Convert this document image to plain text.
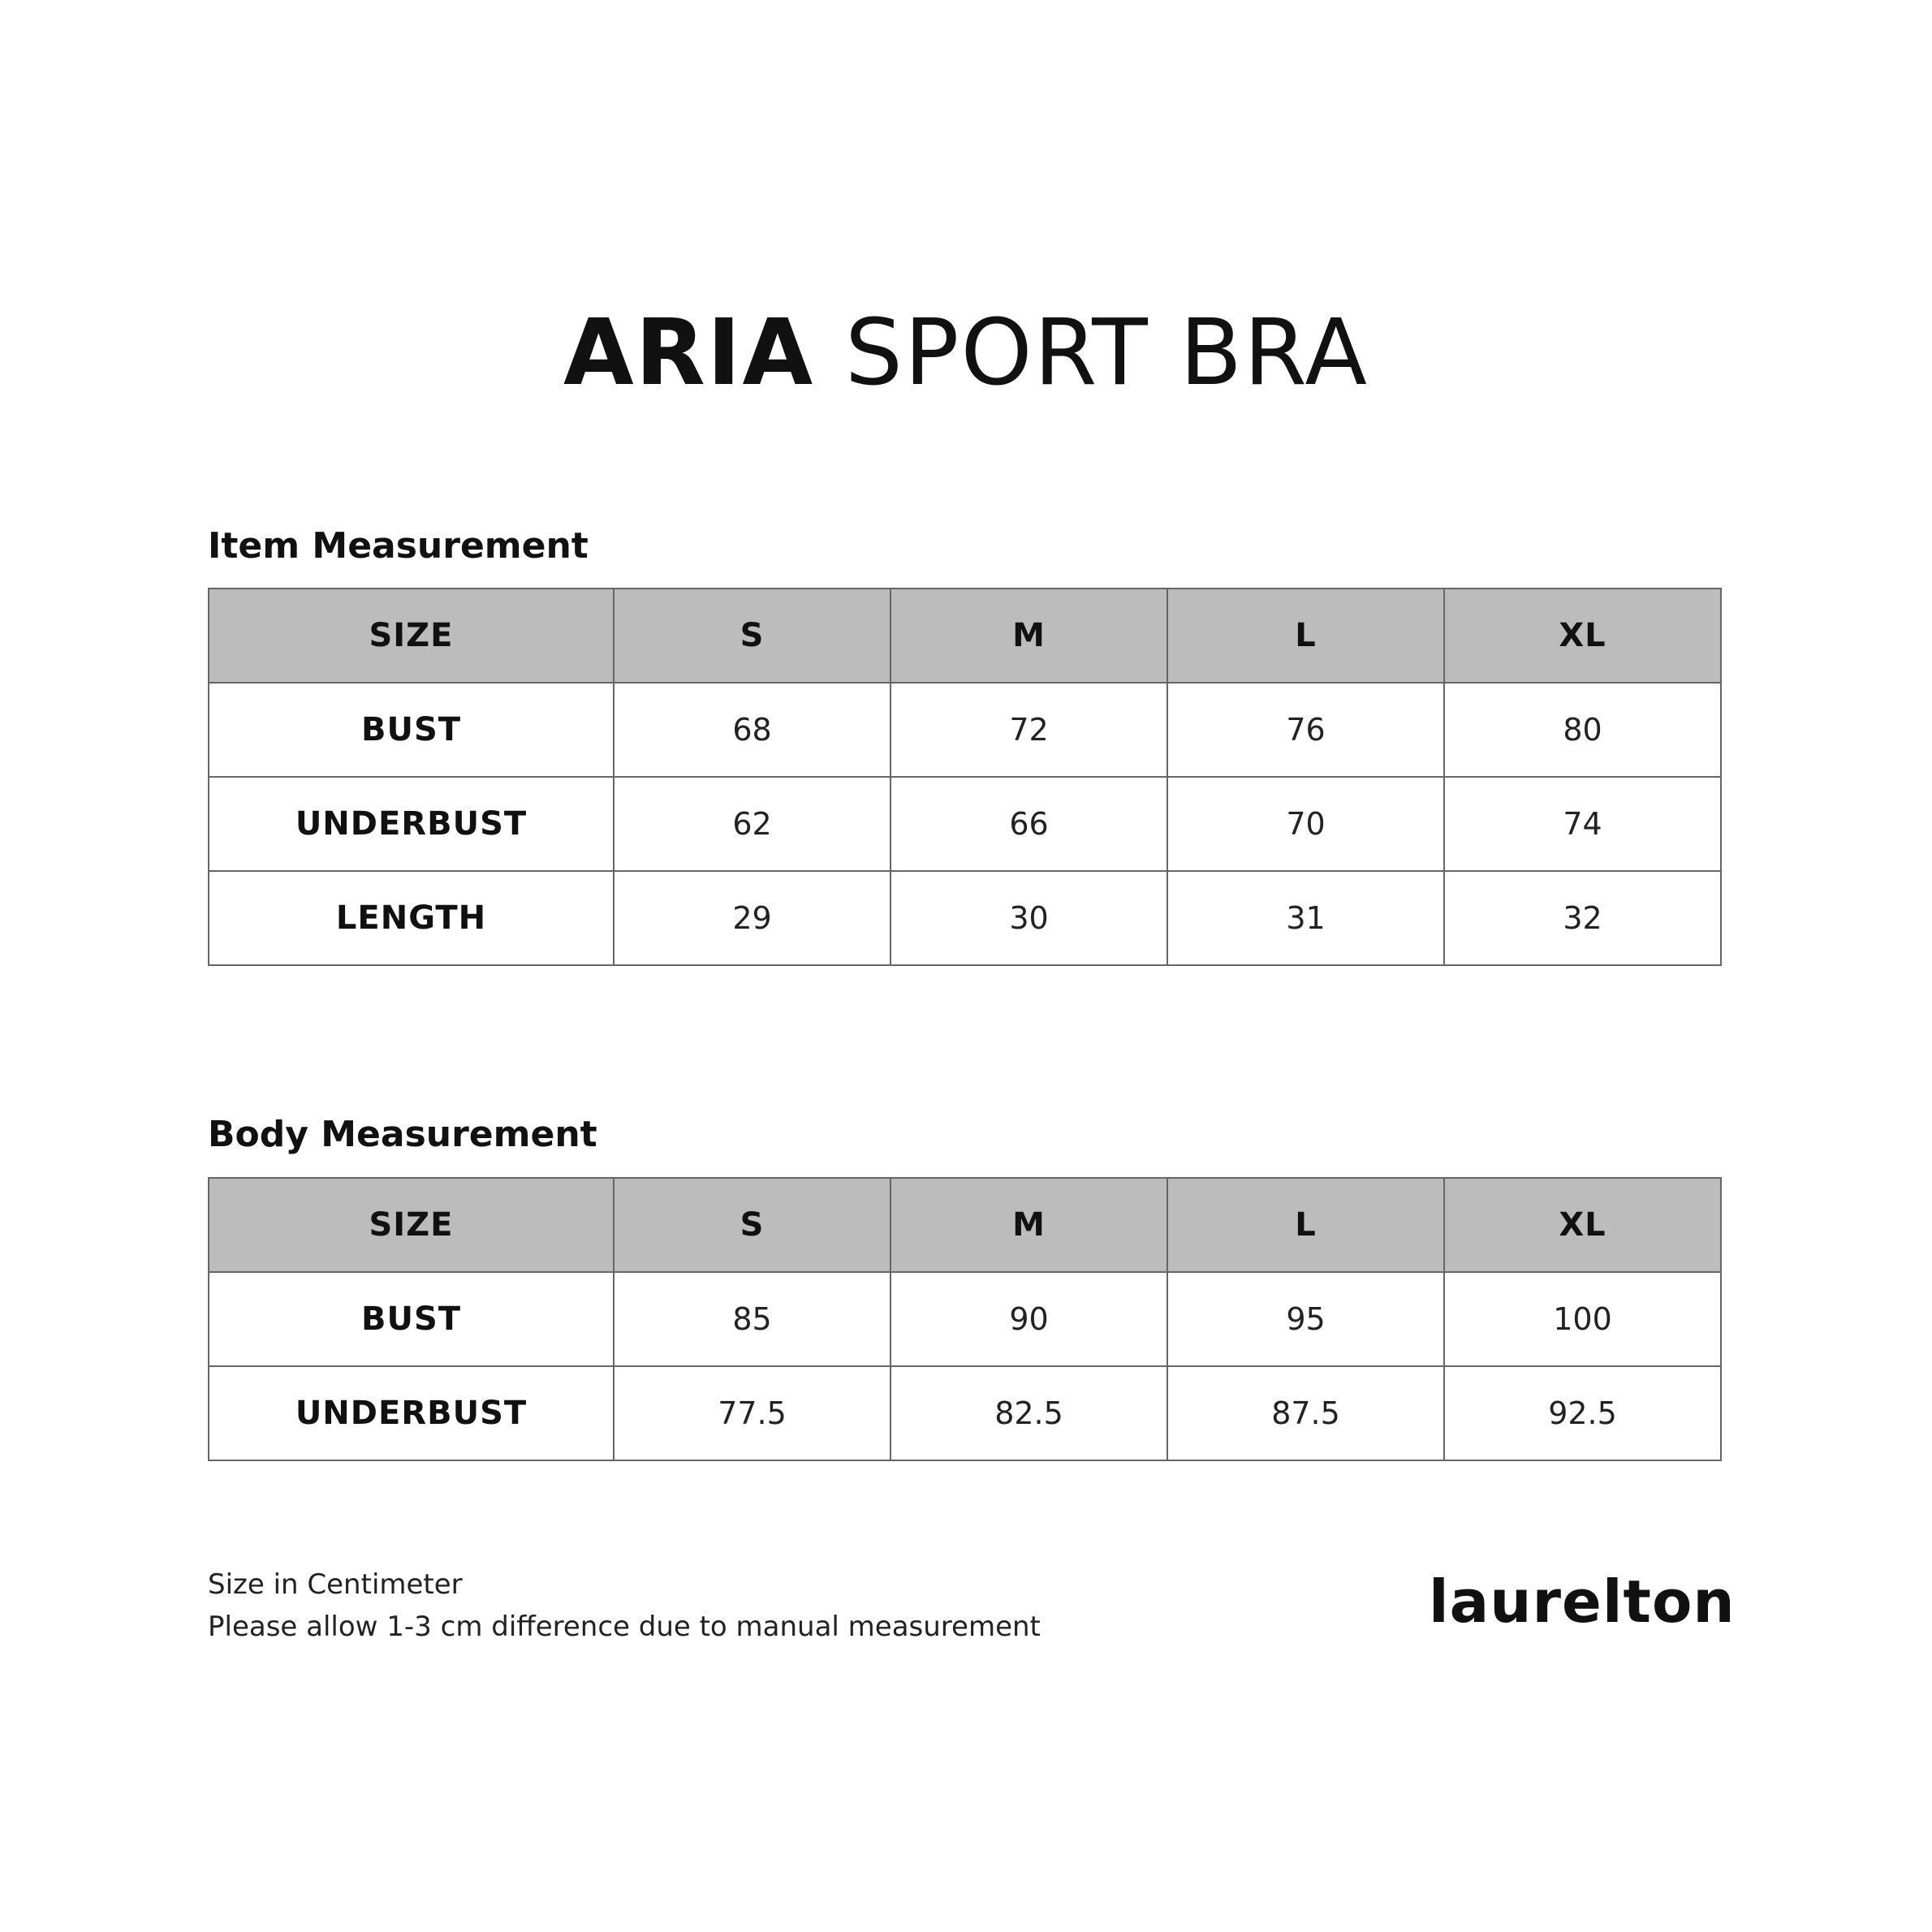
ARIA SPORT BRA
Item Measurement
SIZE	S	M	L	XL
BUST	68	72	76	80
UNDERBUST	62	66	70	74
LENGTH	29	30	31	32
Body Measurement
SIZE	S	M	L	XL
BUST	85	90	95	100
UNDERBUST	77.5	82.5	87.5	92.5
Size in Centimeter
Please allow 1-3 cm difference due to manual measurement	laurelton
